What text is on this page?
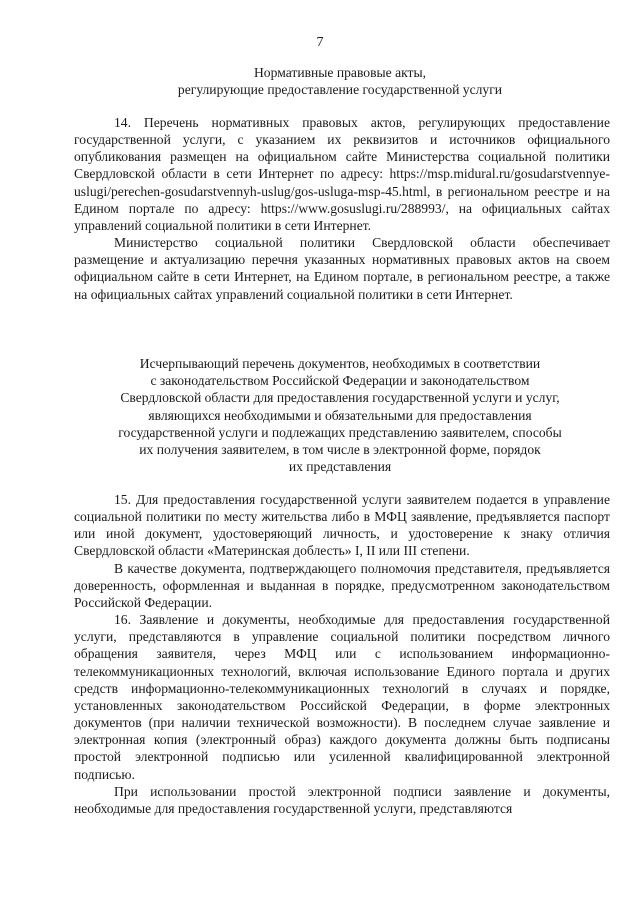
7
Нормативные правовые акты,
регулирующие предоставление государственной услуги

14. Перечень нормативных правовых актов, регулирующих предоставление государственной услуги, с указанием их реквизитов и источников официального опубликования размещен на официальном сайте Министерства социальной политики Свердловской области в сети Интернет по адресу: https://msp.midural.ru/gosudarstvennye-uslugi/perechen-gosudarstvennyh-uslug/gos-usluga-msp-45.html, в региональном реестре и на Едином портале по адресу: https://www.gosuslugi.ru/288993/, на официальных сайтах управлений социальной политики в сети Интернет.

Министерство социальной политики Свердловской области обеспечивает размещение и актуализацию перечня указанных нормативных правовых актов на своем официальном сайте в сети Интернет, на Едином портале, в региональном реестре, а также на официальных сайтах управлений социальной политики в сети Интернет.

Исчерпывающий перечень документов, необходимых в соответствии
с законодательством Российской Федерации и законодательством
Свердловской области для предоставления государственной услуги и услуг,
являющихся необходимыми и обязательными для предоставления
государственной услуги и подлежащих представлению заявителем, способы
их получения заявителем, в том числе в электронной форме, порядок
их представления

15. Для предоставления государственной услуги заявителем подается в управление социальной политики по месту жительства либо в МФЦ заявление, предъявляется паспорт или иной документ, удостоверяющий личность, и удостоверение к знаку отличия Свердловской области «Материнская доблесть» I, II или III степени.

В качестве документа, подтверждающего полномочия представителя, предъявляется доверенность, оформленная и выданная в порядке, предусмотренном законодательством Российской Федерации.

16. Заявление и документы, необходимые для предоставления государственной услуги, представляются в управление социальной политики посредством личного обращения заявителя, через МФЦ или с использованием информационно-телекоммуникационных технологий, включая использование Единого портала и других средств информационно-телекоммуникационных технологий в случаях и порядке, установленных законодательством Российской Федерации, в форме электронных документов (при наличии технической возможности). В последнем случае заявление и электронная копия (электронный образ) каждого документа должны быть подписаны простой электронной подписью или усиленной квалифицированной электронной подписью.

При использовании простой электронной подписи заявление и документы, необходимые для предоставления государственной услуги, представляются
